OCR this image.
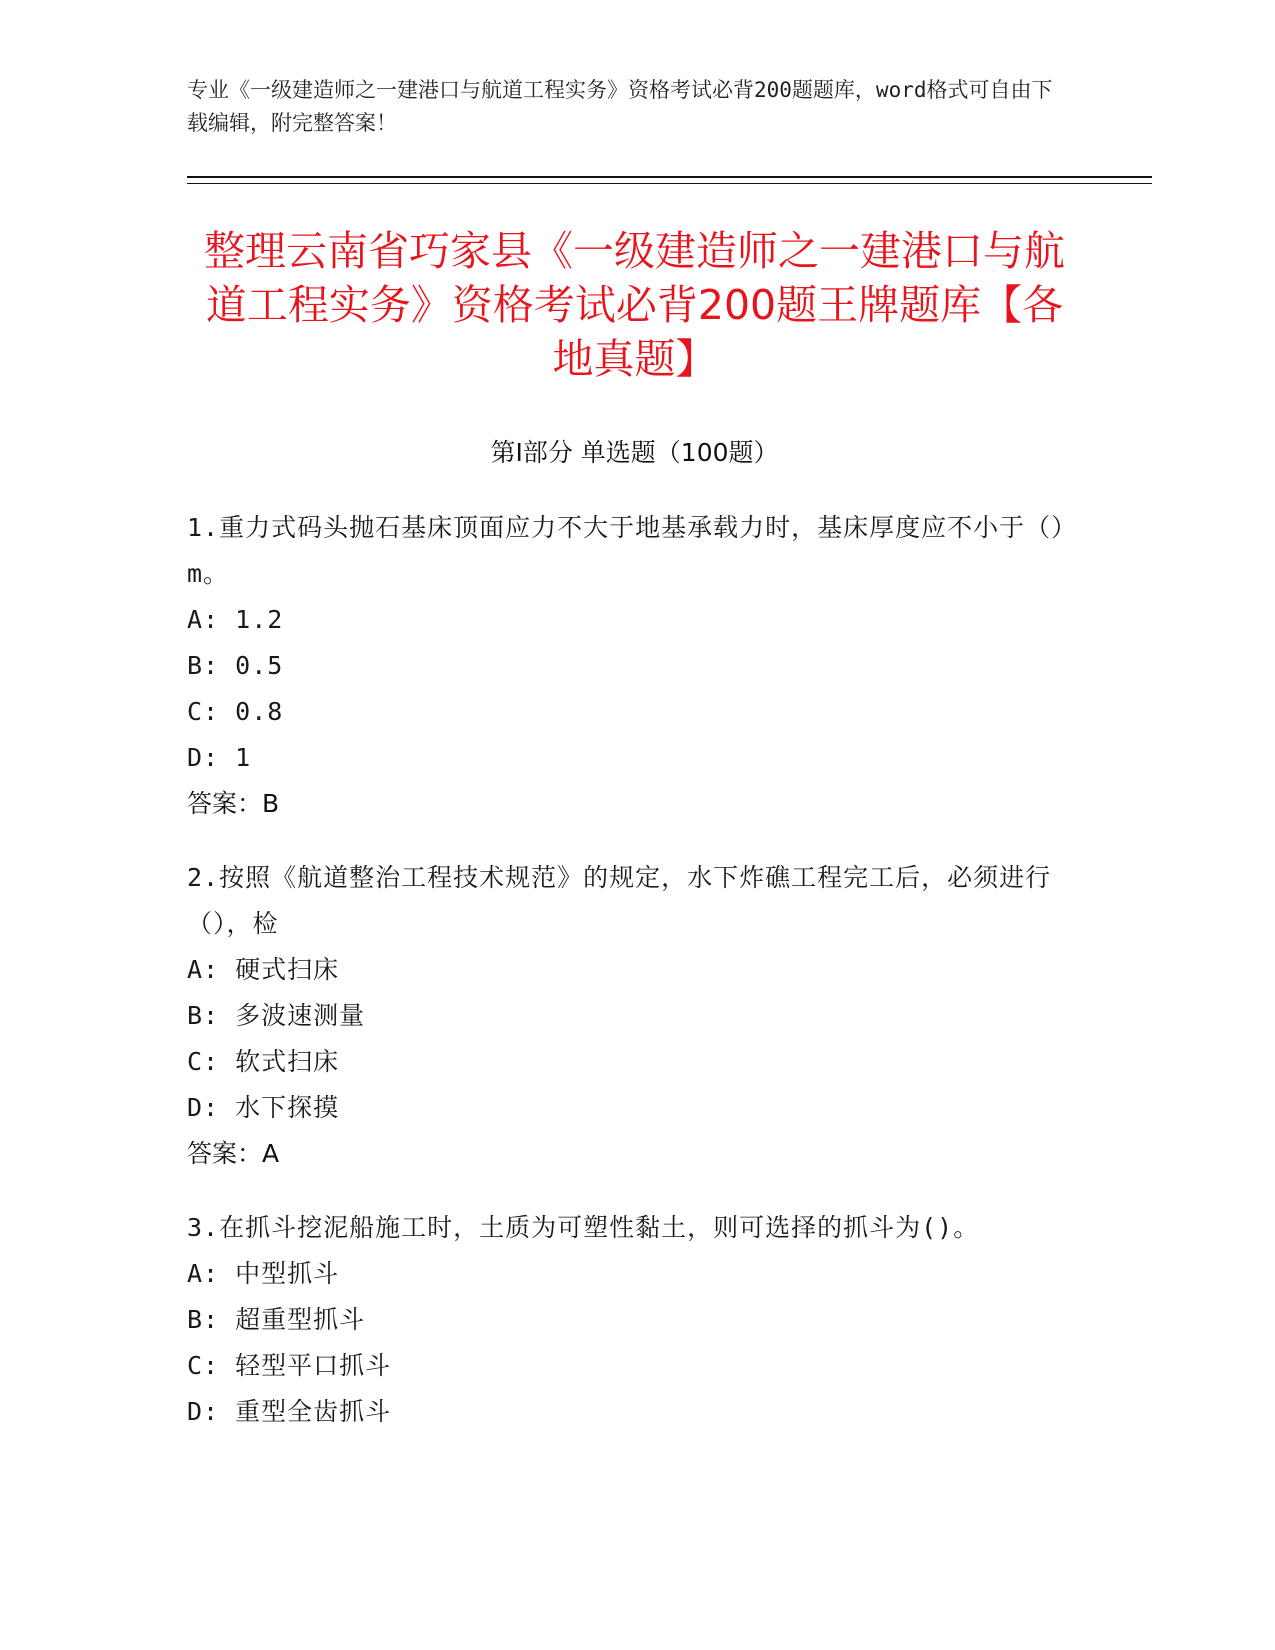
专业《一级建造师之一建港口与航道工程实务》资格考试必背200题题库，word格式可自由下载编辑，附完整答案！
整理云南省巧家县《一级建造师之一建港口与航道工程实务》资格考试必背200题王牌题库【各地真题】
第Ⅰ部分 单选题（100题）
1.重力式码头抛石基床顶面应力不大于地基承载力时，基床厚度应不小于（）m。
A: 1.2
B: 0.5
C: 0.8
D: 1
答案：B
2.按照《航道整治工程技术规范》的规定，水下炸礁工程完工后，必须进行（），检
A: 硬式扫床
B: 多波速测量
C: 软式扫床
D: 水下探摸
答案：A
3.在抓斗挖泥船施工时，土质为可塑性黏土，则可选择的抓斗为()。
A: 中型抓斗
B: 超重型抓斗
C: 轻型平口抓斗
D: 重型全齿抓斗
